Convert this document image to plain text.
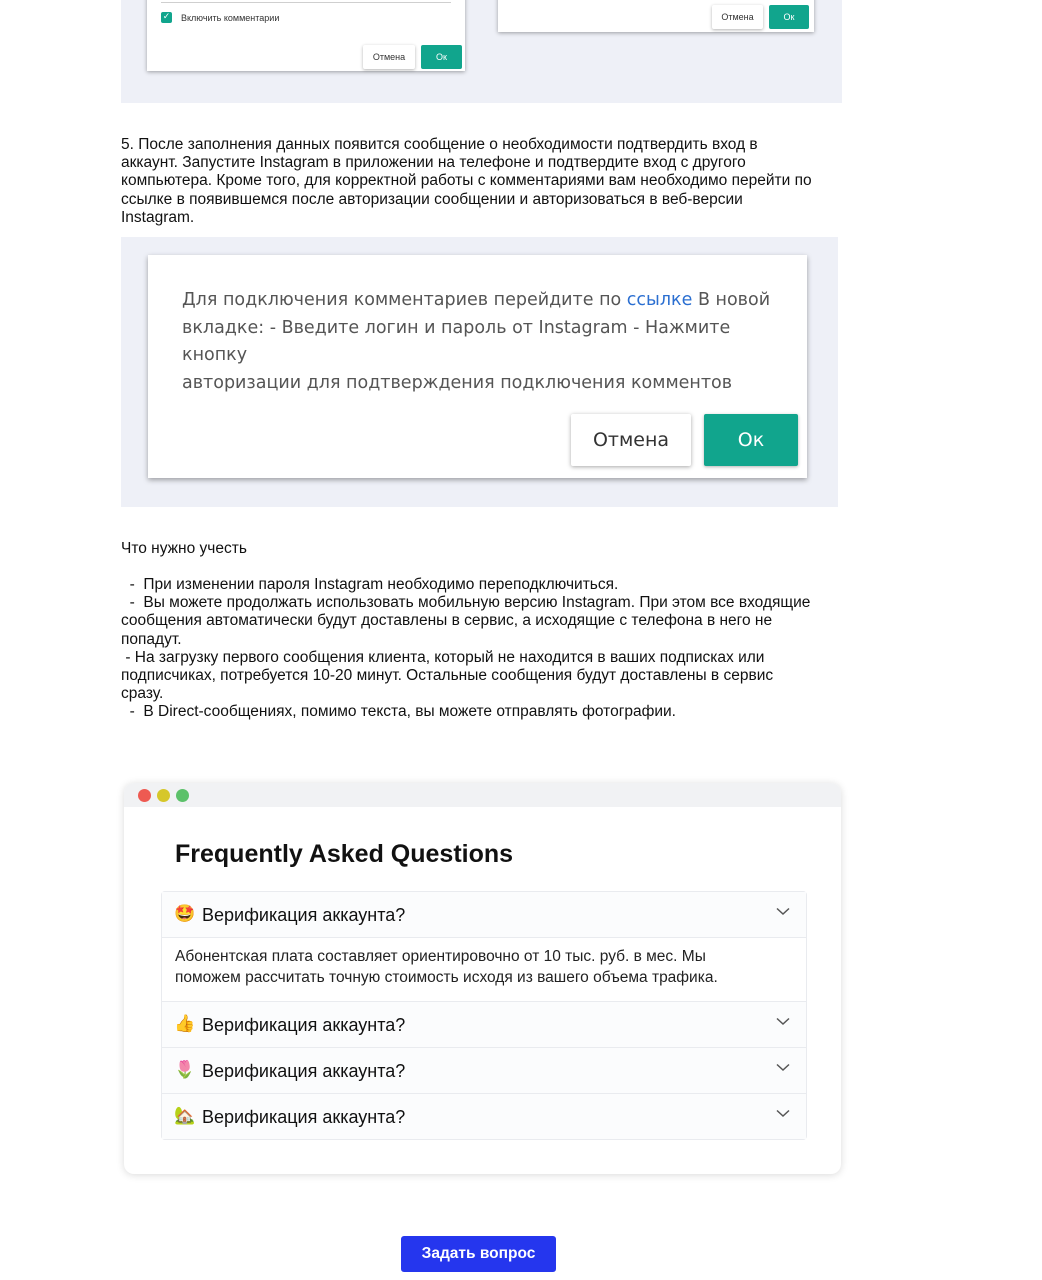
✓ Включить комментарии
Отмена	Ок
Отмена	Ок
5. После заполнения данных появится сообщение о необходимости подтвердить вход в
аккаунт. Запустите Instagram в приложении на телефоне и подтвердите вход с другого
компьютера. Кроме того, для корректной работы с комментариями вам необходимо перейти по
ссылке в появившемся после авторизации сообщении и авторизоваться в веб-версии
Instagram.
Для подключения комментариев перейдите по ссылке В новой
вкладке: - Введите логин и пароль от Instagram - Нажмите кнопку
авторизации для подтверждения подключения комментов
Отмена	Ок
Что нужно учесть
-  При изменении пароля Instagram необходимо переподключиться.
-  Вы можете продолжать использовать мобильную версию Instagram. При этом все входящие
сообщения автоматически будут доставлены в сервис, а исходящие с телефона в него не
попадут.
- На загрузку первого сообщения клиента, который не находится в ваших подписках или
подписчиках, потребуется 10-20 минут. Остальные сообщения будут доставлены в сервис
сразу.
-  В Direct-сообщениях, помимо текста, вы можете отправлять фотографии.
Frequently Asked Questions
🤩 Верификация аккаунта?
Абонентская плата составляет ориентировочно от 10 тыс. руб. в мес. Мы
поможем рассчитать точную стоимость исходя из вашего объема трафика.
👍 Верификация аккаунта?
🌷 Верификация аккаунта?
🏡 Верификация аккаунта?
Задать вопрос
